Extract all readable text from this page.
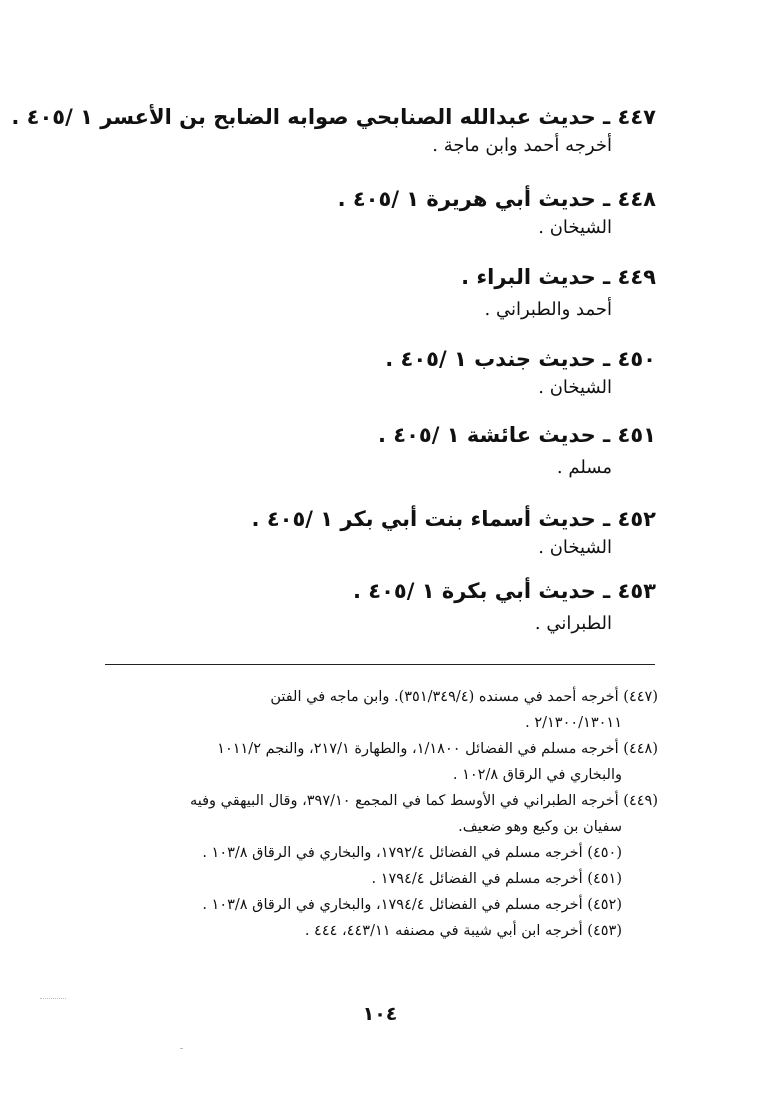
٤٤٧ ـ حديث عبدالله الصنابحي صوابه الضابح بن الأعسر ١ /٤٠٥ .
أخرجه أحمد وابن ماجة .
٤٤٨ ـ حديث أبي هريرة ١ /٤٠٥ .
الشيخان .
٤٤٩ ـ حديث البراء .
أحمد والطبراني .
٤٥٠ ـ حديث جندب ١ /٤٠٥ .
الشيخان .
٤٥١ ـ حديث عائشة ١ /٤٠٥ .
مسلم .
٤٥٢ ـ حديث أسماء بنت أبي بكر ١ /٤٠٥ .
الشيخان .
٤٥٣ ـ حديث أبي بكرة ١ /٤٠٥ .
الطبراني .
(٤٤٧) أخرجه أحمد في مسنده (٣٥١/٣٤٩/٤). وابن ماجه في الفتن
٢/١٣٠٠/١٣٠١١ .
(٤٤٨) أخرجه مسلم في الفضائل ١/١٨٠٠، والطهارة ٢١٧/١، والنجم ١٠١١/٢
والبخاري في الرقاق ١٠٢/٨ .
(٤٤٩) أخرجه الطبراني في الأوسط كما في المجمع ٣٩٧/١٠، وقال البيهقي وفيه
سفيان بن وكيع وهو ضعيف.
(٤٥٠) أخرجه مسلم في الفضائل ١٧٩٢/٤، والبخاري في الرقاق ١٠٣/٨ .
(٤٥١) أخرجه مسلم في الفضائل ١٧٩٤/٤ .
(٤٥٢) أخرجه مسلم في الفضائل ١٧٩٤/٤، والبخاري في الرقاق ١٠٣/٨ .
(٤٥٣) أخرجه ابن أبي شيبة في مصنفه ٤٤٣/١١، ٤٤٤ .
١٠٤
